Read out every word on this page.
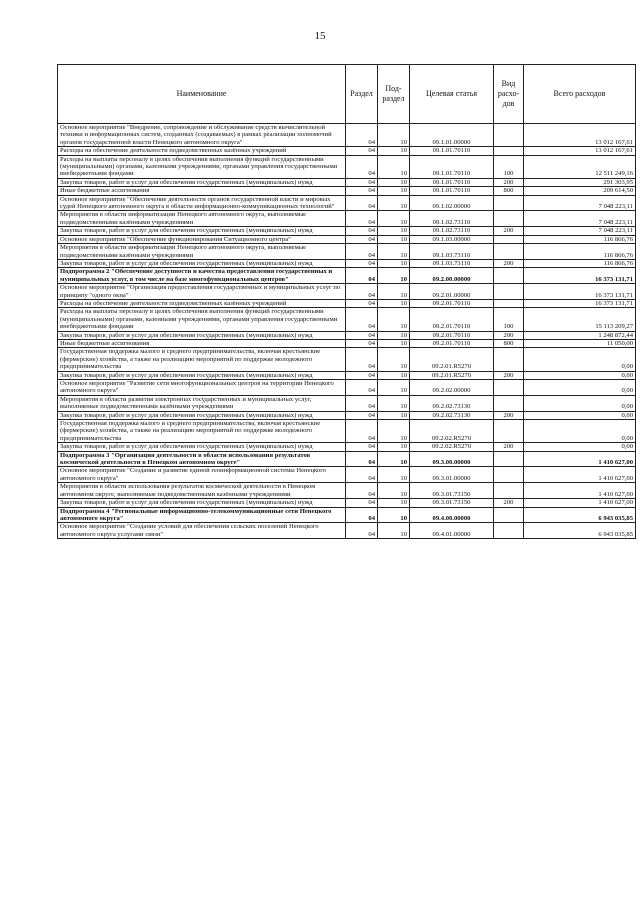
15
Наименование	Раздел	Под-раздел	Целевая статья	Вид расхо-дов	Всего расходов
Основное мероприятие "Внедрение, сопровождение и обслуживание средств вычислительной техники и информационных систем, созданных (создаваемых) в рамках реализации полномочий органов государственной власти Ненецкого автономного округа"	04	10	09.1.01.00000		13 012 167,61
Расходы на обеспечение деятельности подведомственных казённых учреждений	04	10	09.1.01.70110		13 012 167,61
Расходы на выплаты персоналу в целях обеспечения выполнения функций государственными (муниципальными) органами, казенными учреждениями, органами управления государственными внебюджетными фондами	04	10	09.1.01.70110	100	12 511 249,16
Закупка товаров, работ и услуг для обеспечения государственных (муниципальных) нужд	04	10	09.1.01.70110	200	291 303,95
Иные бюджетные ассигнования	04	10	09.1.01.70110	800	209 614,50
Основное мероприятие "Обеспечение деятельности органов государственной власти и мировых судей Ненецкого автономного округа в области информационно-коммуникационных технологий"	04	10	09.1.02.00000		7 048 223,11
Мероприятия в области информатизации Ненецкого автономного округа, выполняемые подведомственными казёнными учреждениями	04	10	09.1.02.73110		7 048 223,11
Закупка товаров, работ и услуг для обеспечения государственных (муниципальных) нужд	04	10	09.1.02.73110	200	7 048 223,11
Основное мероприятие "Обеспечение функционирования Ситуационного центра"	04	10	09.1.03.00000		116 866,76
Мероприятия в области информатизации Ненецкого автономного округа, выполняемые подведомственными казёнными учреждениями	04	10	09.1.03.73110		116 866,76
Закупка товаров, работ и услуг для обеспечения государственных (муниципальных) нужд	04	10	09.1.03.73110	200	116 866,76
Подпрограмма 2 "Обеспечение доступности и качества предоставления государственных и муниципальных услуг, в том числе на базе многофункциональных центров"	04	10	09.2.00.00000		16 373 131,71
Основное мероприятие "Организация предоставления государственных и муниципальных услуг по принципу "одного окна"	04	10	09.2.01.00000		16 373 131,71
Расходы на обеспечение деятельности подведомственных казённых учреждений	04	10	09.2.01.70110		16 373 131,71
Расходы на выплаты персоналу в целях обеспечения выполнения функций государственными (муниципальными) органами, казенными учреждениями, органами управления государственными внебюджетными фондами	04	10	09.2.01.70110	100	15 113 209,27
Закупка товаров, работ и услуг для обеспечения государственных (муниципальных) нужд	04	10	09.2.01.70110	200	1 248 872,44
Иные бюджетные ассигнования	04	10	09.2.01.70110	800	11 050,00
Государственная поддержка малого и среднего предпринимательства, включая крестьянские (фермерские) хозяйства, а также на реализацию мероприятий по поддержке молодежного предпринимательства	04	10	09.2.01.R5270		0,00
Закупка товаров, работ и услуг для обеспечения государственных (муниципальных) нужд	04	10	09.2.01.R5270	200	0,00
Основное мероприятие "Развитие сети многофункциональных центров на территории Ненецкого автономного округа"	04	10	09.2.02.00000		0,00
Мероприятия в области развития электронных государственных и муниципальных услуг, выполняемые подведомственными казёнными учреждениями	04	10	09.2.02.73130		0,00
Закупка товаров, работ и услуг для обеспечения государственных (муниципальных) нужд	04	10	09.2.02.73130	200	0,00
Государственная поддержка малого и среднего предпринимательства, включая крестьянские (фермерские) хозяйства, а также на реализацию мероприятий по поддержке молодежного предпринимательства	04	10	09.2.02.R5270		0,00
Закупка товаров, работ и услуг для обеспечения государственных (муниципальных) нужд	04	10	09.2.02.R5270	200	0,00
Подпрограмма 3 "Организация деятельности в области использования результатов космической деятельности в Ненецком автономном округе"	04	10	09.3.00.00000		1 410 627,00
Основное мероприятие "Создание и развитие единой геоинформационной системы Ненецкого автономного округа"	04	10	09.3.01.00000		1 410 627,00
Мероприятия в области использования результатов космической деятельности в Ненецком автономном округе, выполняемые подведомственными казёнными учреждениями	04	10	09.3.01.73150		1 410 627,00
Закупка товаров, работ и услуг для обеспечения государственных (муниципальных) нужд	04	10	09.3.01.73150	200	1 410 627,00
Подпрограмма 4 "Региональные информационно-телекоммуникационные сети Ненецкого автономного округа"	04	10	09.4.00.00000		6 943 035,85
Основное мероприятие "Создание условий для обеспечения сельских поселений Ненецкого автономного округа услугами связи"	04	10	09.4.01.00000		6 943 035,85
